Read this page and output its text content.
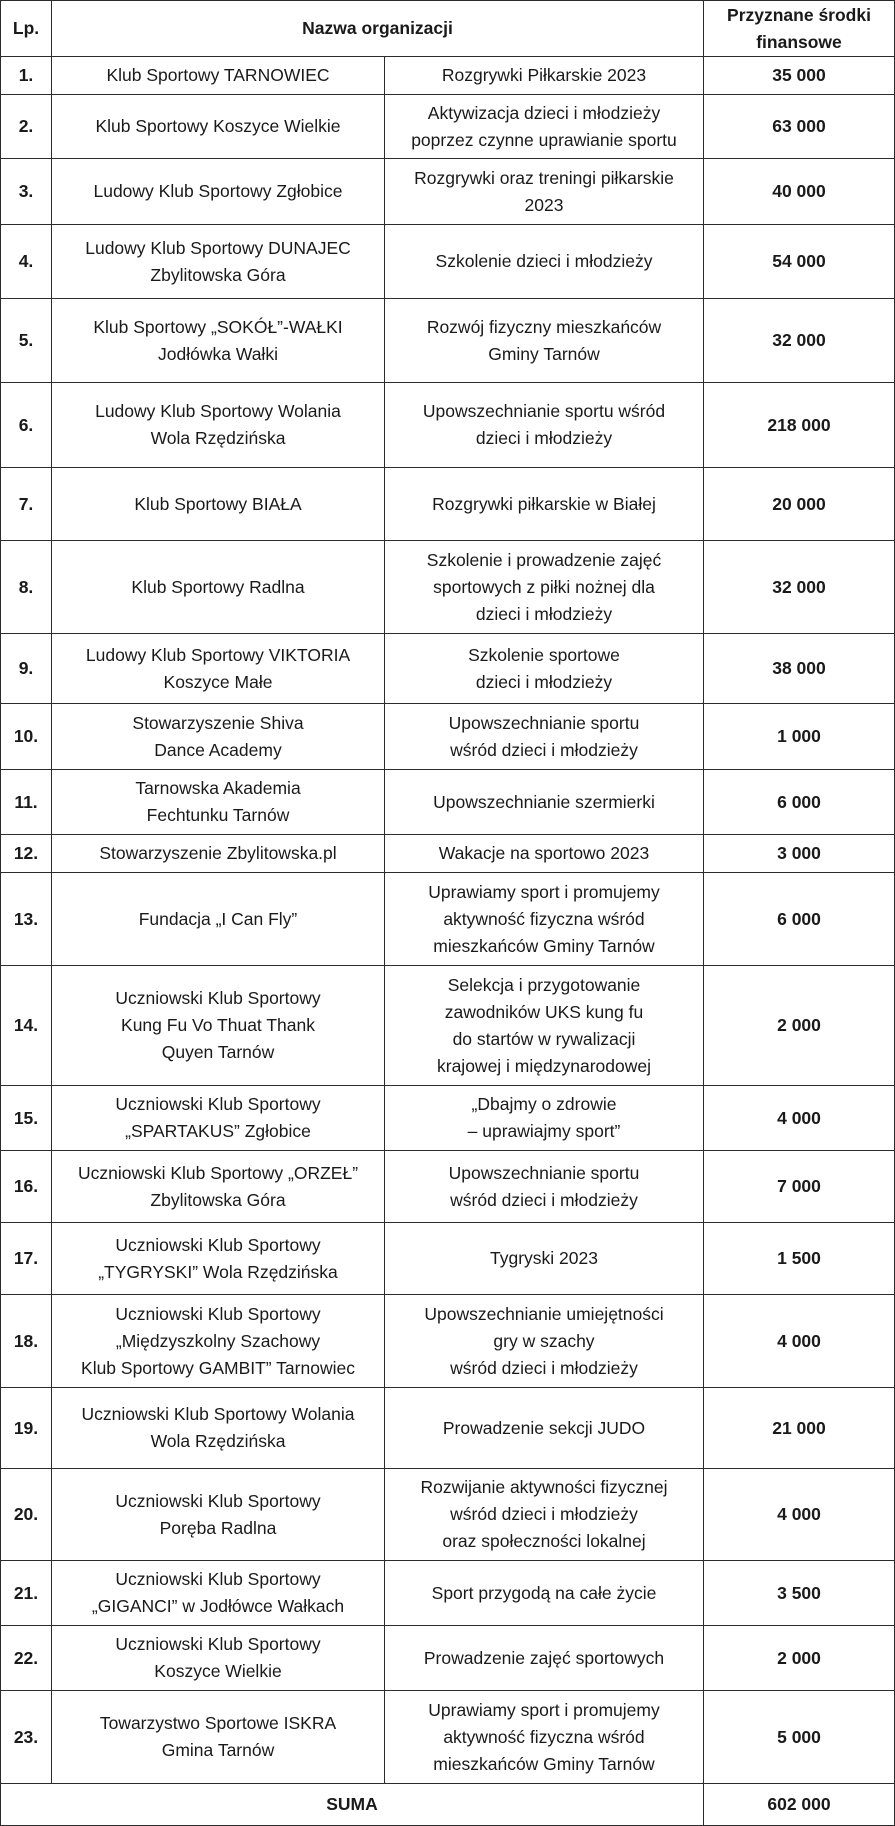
Lp.	Nazwa organizacji		Przyznane środki
finansowe
1.	Klub Sportowy TARNOWIEC	Rozgrywki Piłkarskie 2023	35 000
2.	Klub Sportowy Koszyce Wielkie	Aktywizacja dzieci i młodzieży
poprzez czynne uprawianie sportu	63 000
3.	Ludowy Klub Sportowy Zgłobice	Rozgrywki oraz treningi piłkarskie
2023	40 000
4.	Ludowy Klub Sportowy DUNAJEC
Zbylitowska Góra	Szkolenie dzieci i młodzieży	54 000
5.	Klub Sportowy „SOKÓŁ”-WAŁKI
Jodłówka Wałki	Rozwój fizyczny mieszkańców
Gminy Tarnów	32 000
6.	Ludowy Klub Sportowy Wolania
Wola Rzędzińska	Upowszechnianie sportu wśród
dzieci i młodzieży	218 000
7.	Klub Sportowy BIAŁA	Rozgrywki piłkarskie w Białej	20 000
8.	Klub Sportowy Radlna	Szkolenie i prowadzenie zajęć
sportowych z piłki nożnej dla
dzieci i młodzieży	32 000
9.	Ludowy Klub Sportowy VIKTORIA
Koszyce Małe	Szkolenie sportowe
dzieci i młodzieży	38 000
10.	Stowarzyszenie Shiva
Dance Academy	Upowszechnianie sportu
wśród dzieci i młodzieży	1 000
11.	Tarnowska Akademia
Fechtunku Tarnów	Upowszechnianie szermierki	6 000
12.	Stowarzyszenie Zbylitowska.pl	Wakacje na sportowo 2023	3 000
13.	Fundacja „I Can Fly”	Uprawiamy sport i promujemy
aktywność fizyczna wśród
mieszkańców Gminy Tarnów	6 000
14.	Uczniowski Klub Sportowy
Kung Fu Vo Thuat Thank
Quyen Tarnów	Selekcja i przygotowanie
zawodników UKS kung fu
do startów w rywalizacji
krajowej i międzynarodowej	2 000
15.	Uczniowski Klub Sportowy
„SPARTAKUS” Zgłobice	„Dbajmy o zdrowie
– uprawiajmy sport”	4 000
16.	Uczniowski Klub Sportowy „ORZEŁ”
Zbylitowska Góra	Upowszechnianie sportu
wśród dzieci i młodzieży	7 000
17.	Uczniowski Klub Sportowy
„TYGRYSKI” Wola Rzędzińska	Tygryski 2023	1 500
18.	Uczniowski Klub Sportowy
„Międzyszkolny Szachowy
Klub Sportowy GAMBIT” Tarnowiec	Upowszechnianie umiejętności
gry w szachy
wśród dzieci i młodzieży	4 000
19.	Uczniowski Klub Sportowy Wolania
Wola Rzędzińska	Prowadzenie sekcji JUDO	21 000
20.	Uczniowski Klub Sportowy
Poręba Radlna	Rozwijanie aktywności fizycznej
wśród dzieci i młodzieży
oraz społeczności lokalnej	4 000
21.	Uczniowski Klub Sportowy
„GIGANCI” w Jodłówce Wałkach	Sport przygodą na całe życie	3 500
22.	Uczniowski Klub Sportowy
Koszyce Wielkie	Prowadzenie zajęć sportowych	2 000
23.	Towarzystwo Sportowe ISKRA
Gmina Tarnów	Uprawiamy sport i promujemy
aktywność fizyczna wśród
mieszkańców Gminy Tarnów	5 000
SUMA			602 000
